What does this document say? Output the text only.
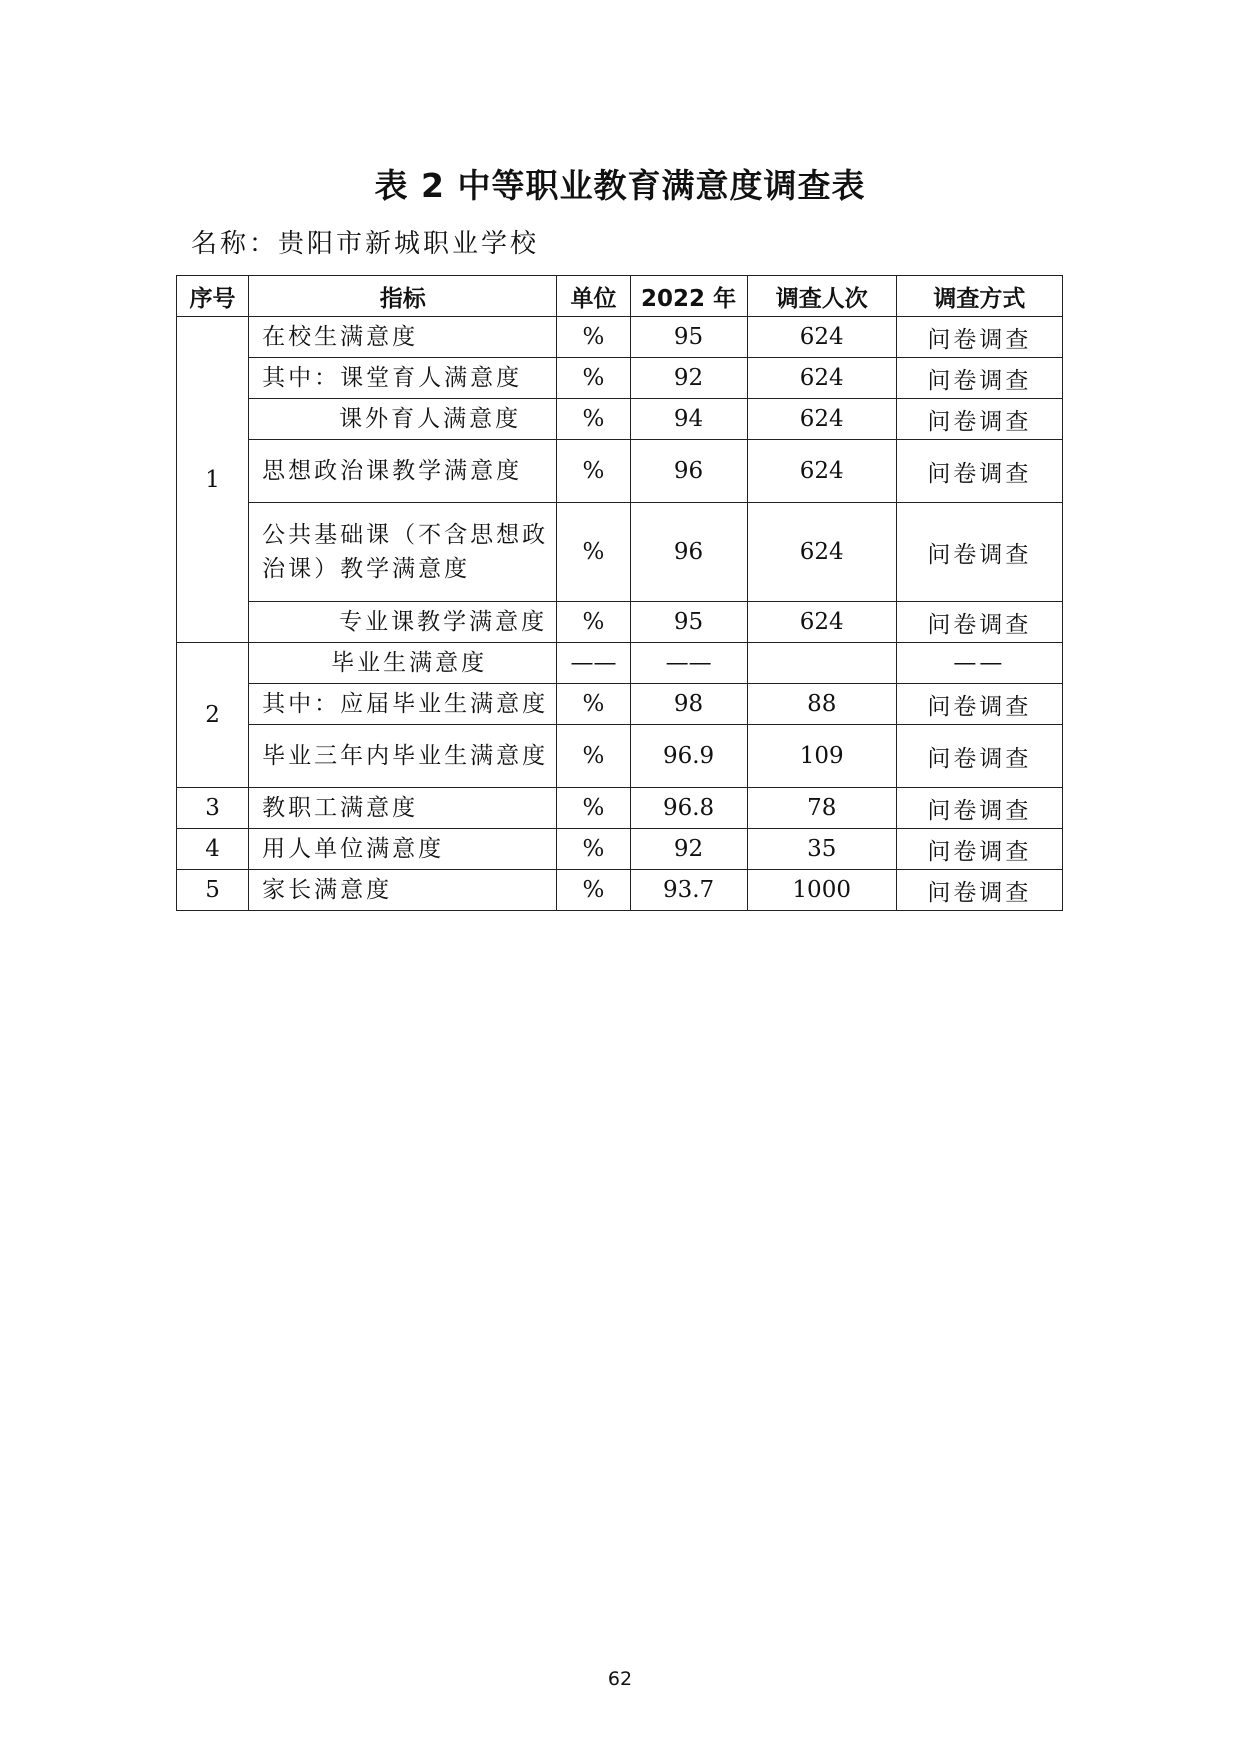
表 2 中等职业教育满意度调查表
名称：贵阳市新城职业学校
序号	指标	单位	2022 年	调查人次	调查方式
1	在校生满意度	%	95	624	问卷调查
	其中：课堂育人满意度	%	92	624	问卷调查
	课外育人满意度	%	94	624	问卷调查
	思想政治课教学满意度	%	96	624	问卷调查
	公共基础课（不含思想政治课）教学满意度	%	96	624	问卷调查
	专业课教学满意度	%	95	624	问卷调查
2	毕业生满意度	——	——		——
	其中：应届毕业生满意度	%	98	88	问卷调查
	毕业三年内毕业生满意度	%	96.9	109	问卷调查
3	教职工满意度	%	96.8	78	问卷调查
4	用人单位满意度	%	92	35	问卷调查
5	家长满意度	%	93.7	1000	问卷调查
62
